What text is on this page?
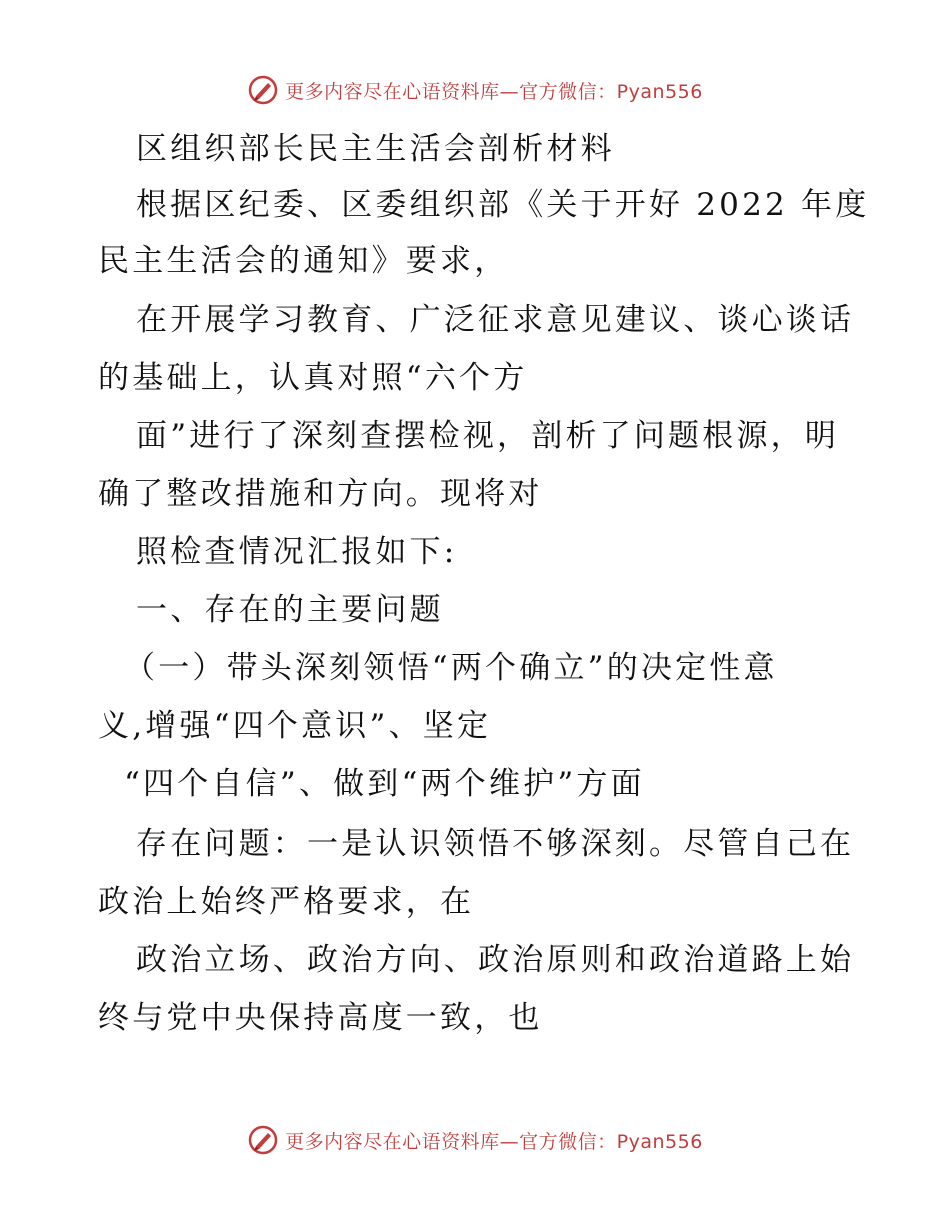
更多内容尽在心语资料库—官方微信：Pyan556
区组织部长民主生活会剖析材料
根据区纪委、区委组织部《关于开好 2022 年度
民主生活会的通知》要求，
在开展学习教育、广泛征求意见建议、谈心谈话
的基础上，认真对照“六个方
面”进行了深刻查摆检视，剖析了问题根源，明
确了整改措施和方向。现将对
照检查情况汇报如下:
一、存在的主要问题
（一）带头深刻领悟“两个确立”的决定性意
义,增强“四个意识”、坚定
“四个自信”、做到“两个维护”方面
存在问题：一是认识领悟不够深刻。尽管自己在
政治上始终严格要求，在
政治立场、政治方向、政治原则和政治道路上始
终与党中央保持高度一致，也
更多内容尽在心语资料库—官方微信：Pyan556
